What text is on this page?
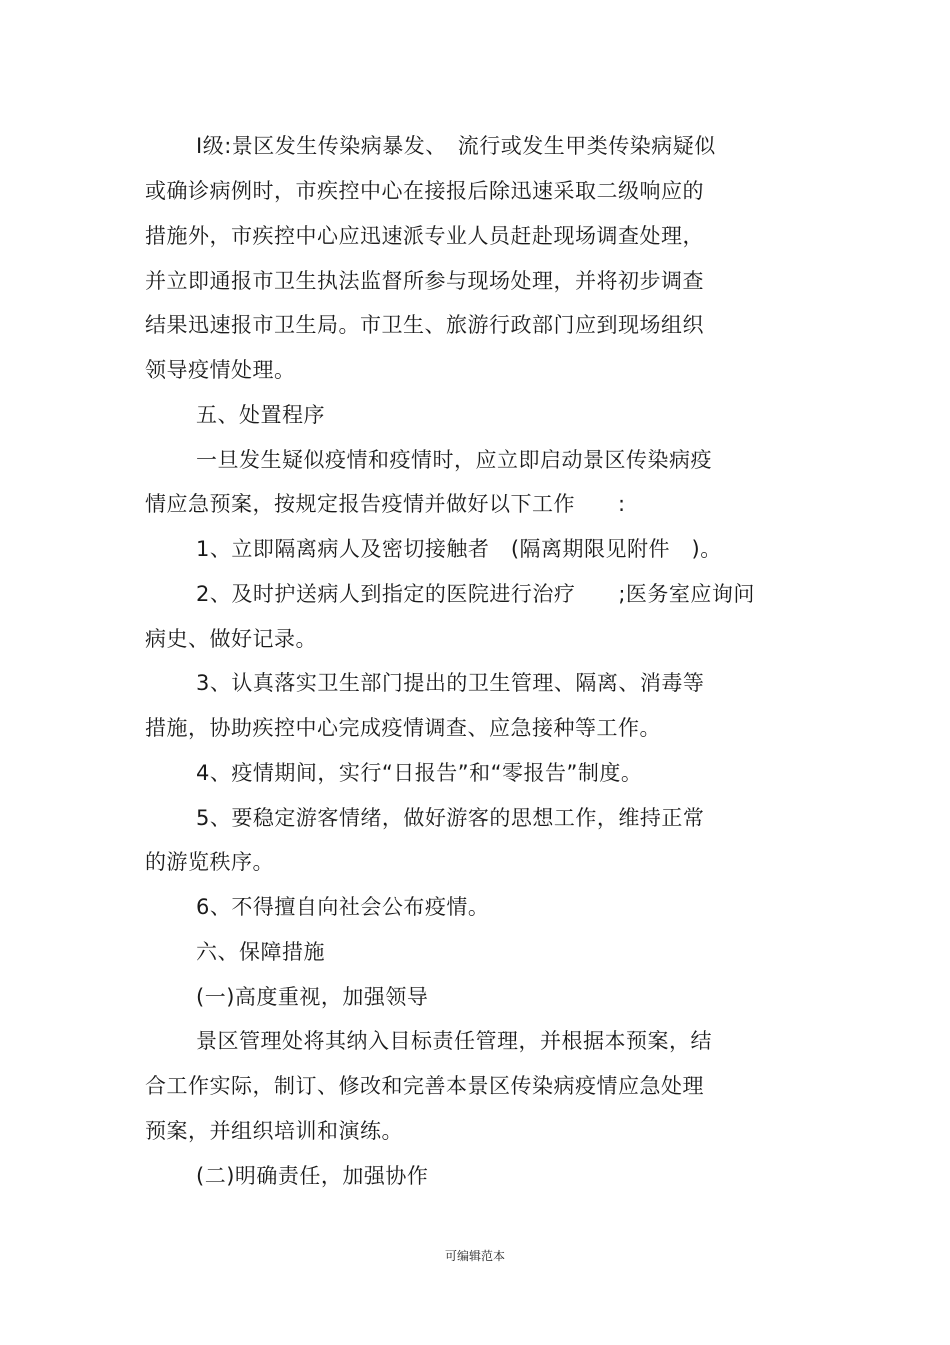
Ⅰ级:景区发生传染病暴发、　流行或发生甲类传染病疑似
或确诊病例时，市疾控中心在接报后除迅速采取二级响应的
措施外，市疾控中心应迅速派专业人员赶赴现场调查处理，
并立即通报市卫生执法监督所参与现场处理，并将初步调查
结果迅速报市卫生局。市卫生、旅游行政部门应到现场组织
领导疫情处理。
五、处置程序
一旦发生疑似疫情和疫情时，应立即启动景区传染病疫
情应急预案，按规定报告疫情并做好以下工作　　:
1、立即隔离病人及密切接触者　(隔离期限见附件　)。
2、及时护送病人到指定的医院进行治疗　　;医务室应询问
病史、做好记录。
3、认真落实卫生部门提出的卫生管理、隔离、消毒等
措施，协助疾控中心完成疫情调查、应急接种等工作。
4、疫情期间，实行“日报告”和“零报告”制度。
5、要稳定游客情绪，做好游客的思想工作，维持正常
的游览秩序。
6、不得擅自向社会公布疫情。
六、保障措施
(一)高度重视，加强领导
景区管理处将其纳入目标责任管理，并根据本预案，结
合工作实际，制订、修改和完善本景区传染病疫情应急处理
预案，并组织培训和演练。
(二)明确责任，加强协作
可编辑范本
